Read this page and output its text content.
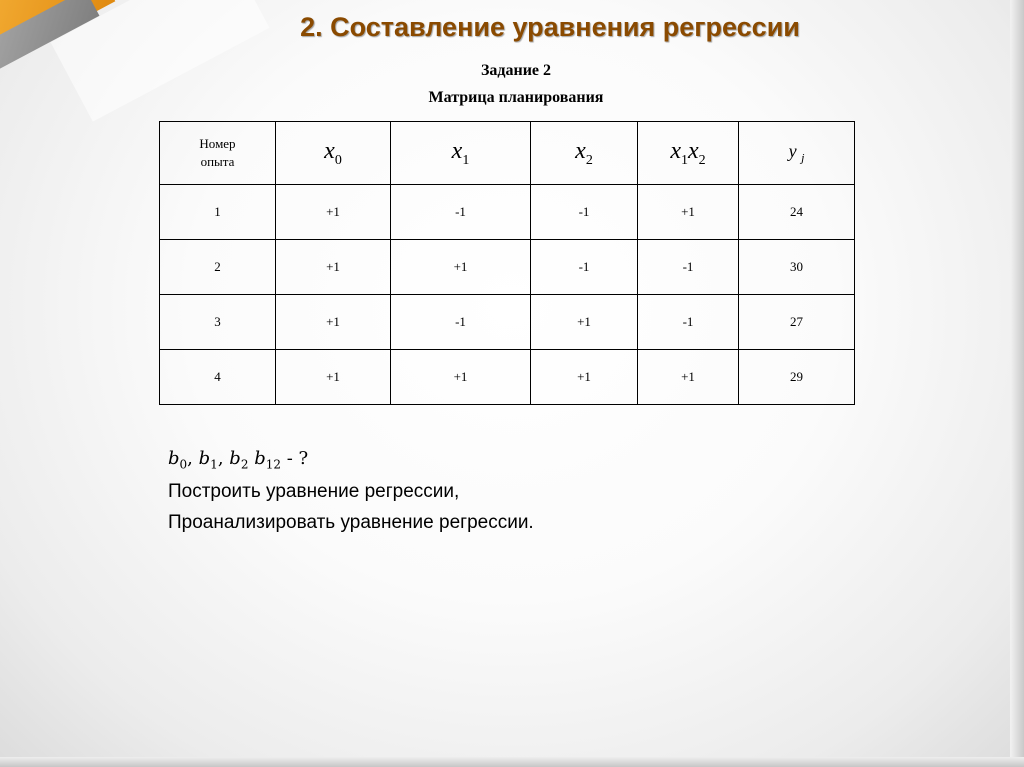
2. Составление уравнения регрессии
Задание 2
Матрица планирования
Номер
опыта	$x_0$	$x_1$	$x_2$	$x_1x_2$	y $_j$
1	+1	-1	-1	+1	24
2	+1	+1	-1	-1	30
3	+1	-1	+1	-1	27
4	+1	+1	+1	+1	29
$b_0$, $b_1$, $b_2$ $b_{12}$ - ?
Построить уравнение регрессии,
Проанализировать уравнение регрессии.
